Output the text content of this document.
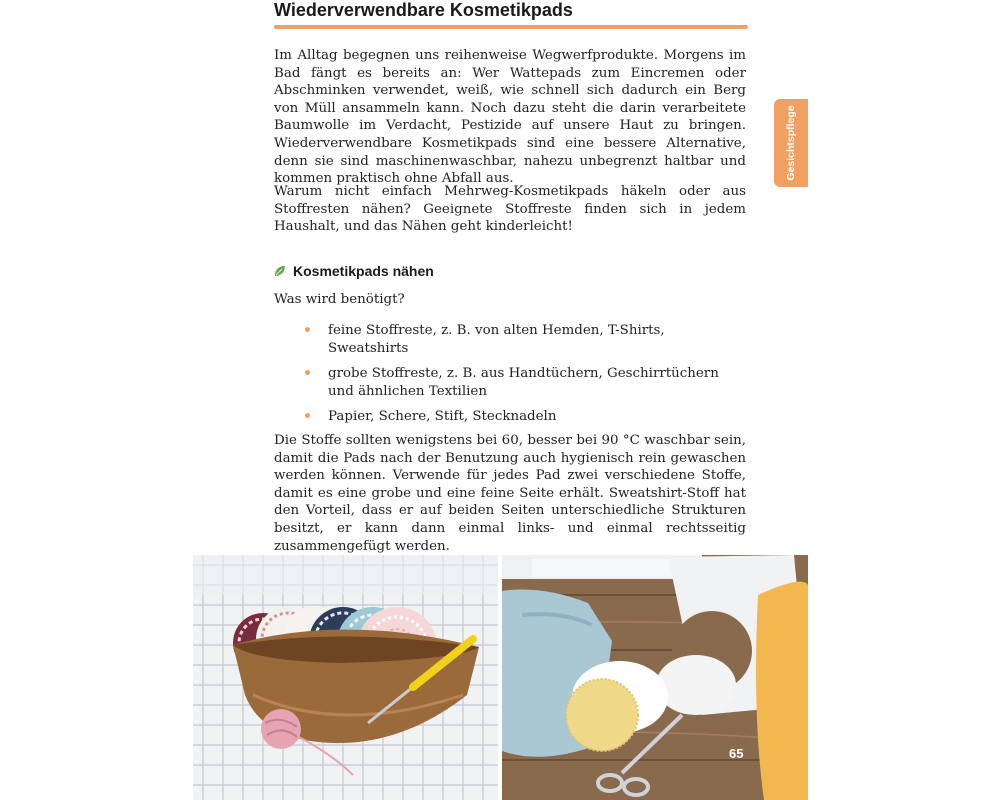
Wiederverwendbare Kosmetikpads
Gesichtspflege

Im Alltag begegnen uns reihenweise Wegwerfprodukte. Morgens im Bad fängt es bereits an: Wer Wattepads zum Eincremen oder Abschminken verwendet, weiß, wie schnell sich dadurch ein Berg von Müll ansammeln kann. Noch dazu steht die darin verarbeitete Baumwolle im Verdacht, Pestizide auf unsere Haut zu bringen. Wiederverwendbare Kosmetikpads sind eine bessere Alternative, denn sie sind maschinenwaschbar, nahezu unbegrenzt haltbar und kommen praktisch ohne Abfall aus.

Warum nicht einfach Mehrweg-Kosmetikpads häkeln oder aus Stoffresten nähen? Geeignete Stoffreste finden sich in jedem Haushalt, und das Nähen geht kinderleicht!

Kosmetikpads nähen

Was wird benötigt?

• feine Stoffreste, z. B. von alten Hemden, T-Shirts, Sweatshirts
• grobe Stoffreste, z. B. aus Handtüchern, Geschirrtüchern und ähnlichen Textilien
• Papier, Schere, Stift, Stecknadeln

Die Stoffe sollten wenigstens bei 60, besser bei 90 °C waschbar sein, damit die Pads nach der Benutzung auch hygienisch rein gewaschen werden können. Verwende für jedes Pad zwei verschiedene Stoffe, damit es eine grobe und eine feine Seite erhält. Sweatshirt-Stoff hat den Vorteil, dass er auf beiden Seiten unterschiedliche Strukturen besitzt, er kann dann einmal links- und einmal rechtsseitig zusammengefügt werden.

65
